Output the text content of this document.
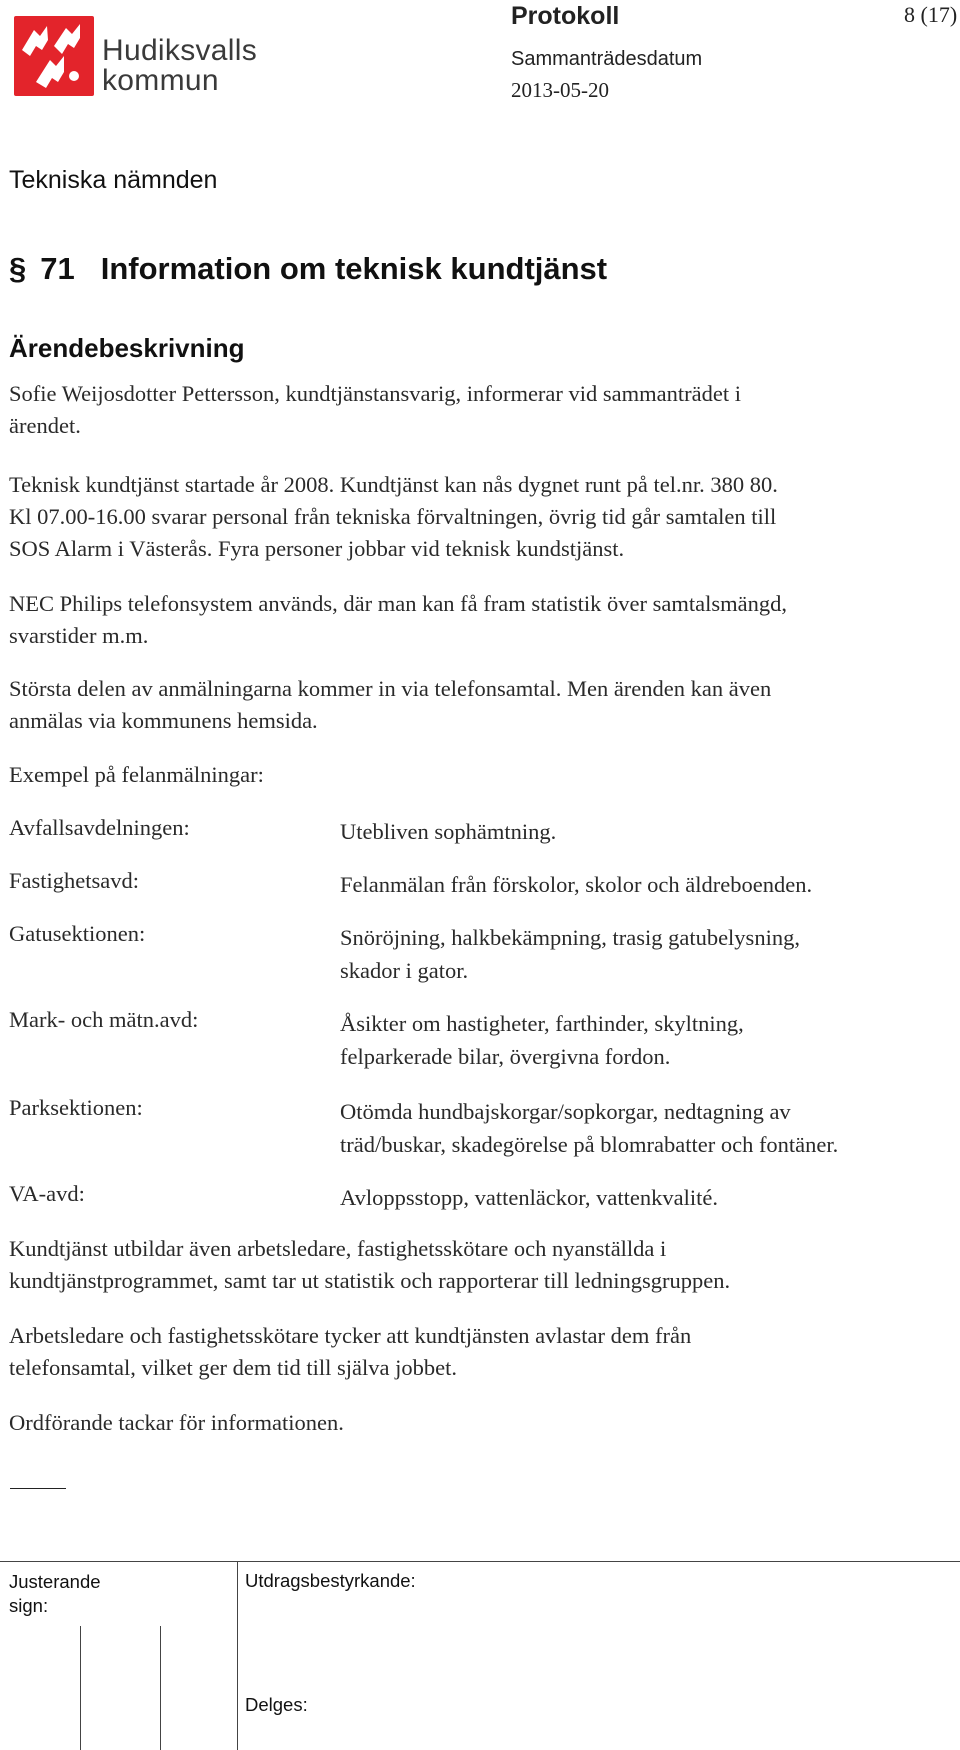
Hudiksvalls
kommun
Protokoll	8 (17)
Sammanträdesdatum
2013-05-20
Tekniska nämnden
§ 71 Information om teknisk kundtjänst
Ärendebeskrivning

Sofie Weijosdotter Pettersson, kundtjänstansvarig, informerar vid sammanträdet i
ärendet.

Teknisk kundtjänst startade år 2008. Kundtjänst kan nås dygnet runt på tel.nr. 380 80.
Kl 07.00-16.00 svarar personal från tekniska förvaltningen, övrig tid går samtalen till
SOS Alarm i Västerås. Fyra personer jobbar vid teknisk kundstjänst.

NEC Philips telefonsystem används, där man kan få fram statistik över samtalsmängd,
svarstider m.m.

Största delen av anmälningarna kommer in via telefonsamtal. Men ärenden kan även
anmälas via kommunens hemsida.

Exempel på felanmälningar:

Avfallsavdelningen:	Utebliven sophämtning.
Fastighetsavd:	Felanmälan från förskolor, skolor och äldreboenden.
Gatusektionen:	Snöröjning, halkbekämpning, trasig gatubelysning,
skador i gator.
Mark- och mätn.avd:	Åsikter om hastigheter, farthinder, skyltning,
felparkerade bilar, övergivna fordon.
Parksektionen:	Otömda hundbajskorgar/sopkorgar, nedtagning av
träd/buskar, skadegörelse på blomrabatter och fontäner.
VA-avd:	Avloppsstopp, vattenläckor, vattenkvalité.

Kundtjänst utbildar även arbetsledare, fastighetsskötare och nyanställda i
kundtjänstprogrammet, samt tar ut statistik och rapporterar till ledningsgruppen.

Arbetsledare och fastighetsskötare tycker att kundtjänsten avlastar dem från
telefonsamtal, vilket ger dem tid till själva jobbet.

Ordförande tackar för informationen.

Justerande
sign:
Utdragsbestyrkande:
Delges:
